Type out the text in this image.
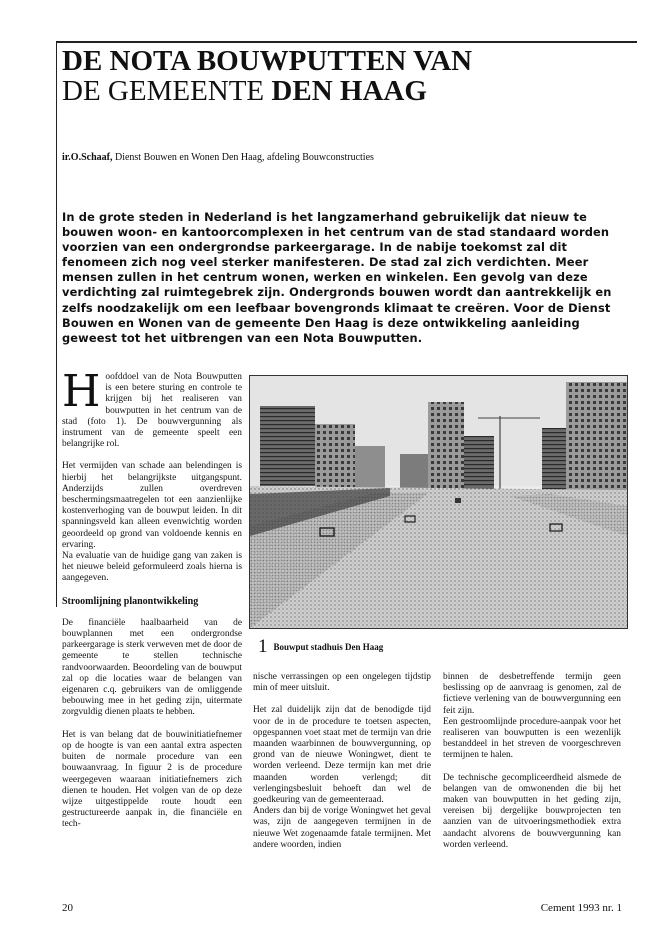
DE NOTA BOUWPUTTEN VAN
DE GEMEENTE DEN HAAG
ir.O.Schaaf, Dienst Bouwen en Wonen Den Haag, afdeling Bouwconstructies
In de grote steden in Nederland is het langzamerhand gebruikelijk dat nieuw te bouwen woon- en kantoorcomplexen in het centrum van de stad standaard worden voorzien van een ondergrondse parkeergarage. In de nabije toekomst zal dit fenomeen zich nog veel sterker manifesteren. De stad zal zich verdichten. Meer mensen zullen in het centrum wonen, werken en winkelen. Een gevolg van deze verdichting zal ruimtegebrek zijn. Ondergronds bouwen wordt dan aantrekkelijk en zelfs noodzakelijk om een leefbaar bovengronds klimaat te creëren. Voor de Dienst Bouwen en Wonen van de gemeente Den Haag is deze ontwikkeling aanleiding geweest tot het uitbrengen van een Nota Bouwputten.

Hoofddoel van de Nota Bouwputten is een betere sturing en controle te krijgen bij het realiseren van bouwputten in het centrum van de stad (foto 1). De bouwvergunning als instrument van de gemeente speelt een belangrijke rol.

Het vermijden van schade aan belendingen is hierbij het belangrijkste uitgangspunt. Anderzijds zullen overdreven beschermingsmaatregelen tot een aanzienlijke kostenverhoging van de bouwput leiden. In dit spanningsveld kan alleen evenwichtig worden geoordeeld op grond van voldoende kennis en ervaring.

Na evaluatie van de huidige gang van zaken is het nieuwe beleid geformuleerd zoals hierna is aangegeven.

Stroomlijning planontwikkeling

De financiële haalbaarheid van de bouwplannen met een ondergrondse parkeergarage is sterk verweven met de door de gemeente te stellen technische randvoorwaarden. Beoordeling van de bouwput zal op die locaties waar de belangen van eigenaren c.q. gebruikers van de omliggende bebouwing mee in het geding zijn, uitermate zorgvuldig dienen plaats te hebben.

Het is van belang dat de bouwinitiatiefnemer op de hoogte is van een aantal extra aspecten buiten de normale procedure van een bouwaanvraag. In figuur 2 is de procedure weergegeven waaraan initiatiefnemers zich dienen te houden. Het volgen van de op deze wijze uitgestippelde route houdt een gestructureerde aanpak in, die financiële en tech-

1 Bouwput stadhuis Den Haag

nische verrassingen op een ongelegen tijdstip min of meer uitsluit.

Het zal duidelijk zijn dat de benodigde tijd voor de in de procedure te toetsen aspecten, opgespannen voet staat met de termijn van drie maanden waarbinnen de bouwvergunning, op grond van de nieuwe Woningwet, dient te worden verleend. Deze termijn kan met drie maanden worden verlengd; dit verlengingsbesluit behoeft dan wel de goedkeuring van de gemeenteraad.

Anders dan bij de vorige Woningwet het geval was, zijn de aangegeven termijnen in de nieuwe Wet zogenaamde fatale termijnen. Met andere woorden, indien

binnen de desbetreffende termijn geen beslissing op de aanvraag is genomen, zal de fictieve verlening van de bouwvergunning een feit zijn.

Een gestroomlijnde procedure-aanpak voor het realiseren van bouwputten is een wezenlijk bestanddeel in het streven de voorgeschreven termijnen te halen.

De technische gecompliceerdheid alsmede de belangen van de omwonenden die bij het maken van bouwputten in het geding zijn, vereisen bij dergelijke bouwprojecten ten aanzien van de uitvoeringsmethodiek extra aandacht alvorens de bouwvergunning kan worden verleend.

20	Cement 1993 nr. 1
